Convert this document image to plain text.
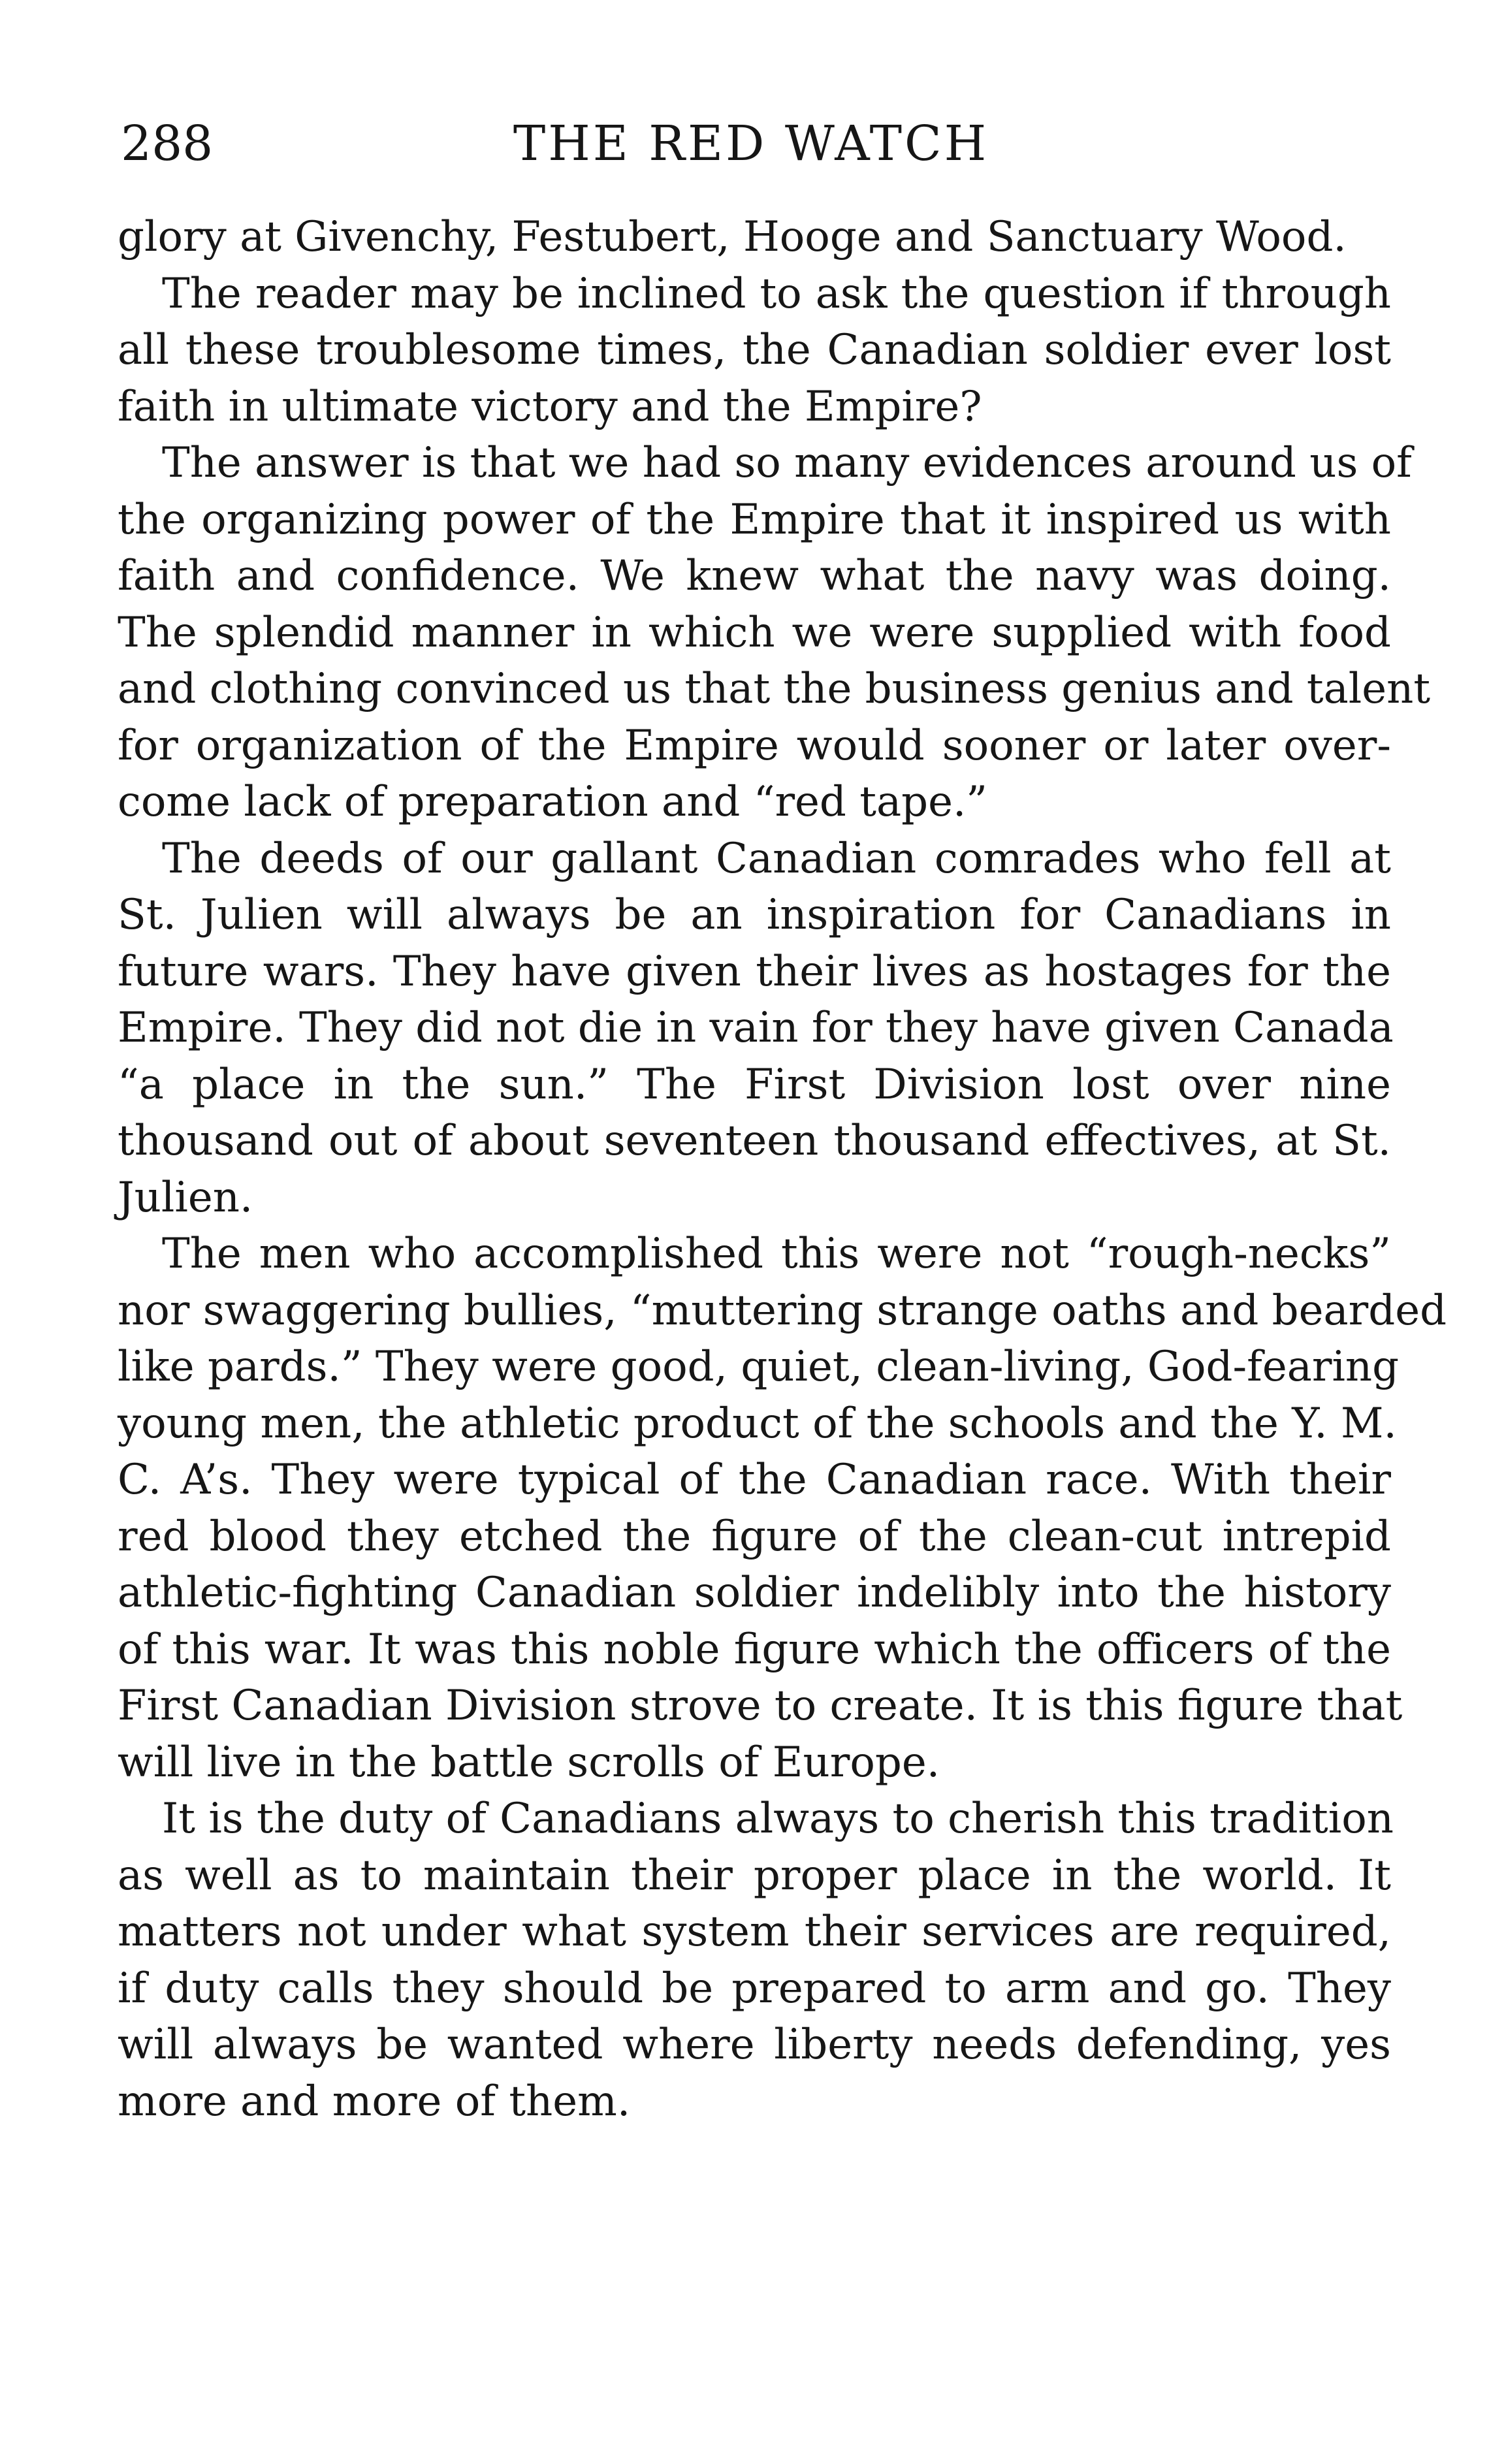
288	THE RED WATCH
glory at Givenchy, Festubert, Hooge and Sanctuary Wood.
The reader may be inclined to ask the question if through
all these troublesome times, the Canadian soldier ever lost
faith in ultimate victory and the Empire?
The answer is that we had so many evidences around us of
the organizing power of the Empire that it inspired us with
faith and confidence. We knew what the navy was doing.
The splendid manner in which we were supplied with food
and clothing convinced us that the business genius and talent
for organization of the Empire would sooner or later over-
come lack of preparation and “red tape.”
The deeds of our gallant Canadian comrades who fell at
St. Julien will always be an inspiration for Canadians in
future wars. They have given their lives as hostages for the
Empire. They did not die in vain for they have given Canada
“a place in the sun.” The First Division lost over nine
thousand out of about seventeen thousand effectives, at St.
Julien.
The men who accomplished this were not “rough-necks”
nor swaggering bullies, “muttering strange oaths and bearded
like pards.” They were good, quiet, clean-living, God-fearing
young men, the athletic product of the schools and the Y. M.
C. A’s. They were typical of the Canadian race. With their
red blood they etched the figure of the clean-cut intrepid
athletic-fighting Canadian soldier indelibly into the history
of this war. It was this noble figure which the officers of the
First Canadian Division strove to create. It is this figure that
will live in the battle scrolls of Europe.
It is the duty of Canadians always to cherish this tradition
as well as to maintain their proper place in the world. It
matters not under what system their services are required,
if duty calls they should be prepared to arm and go. They
will always be wanted where liberty needs defending, yes
more and more of them.
